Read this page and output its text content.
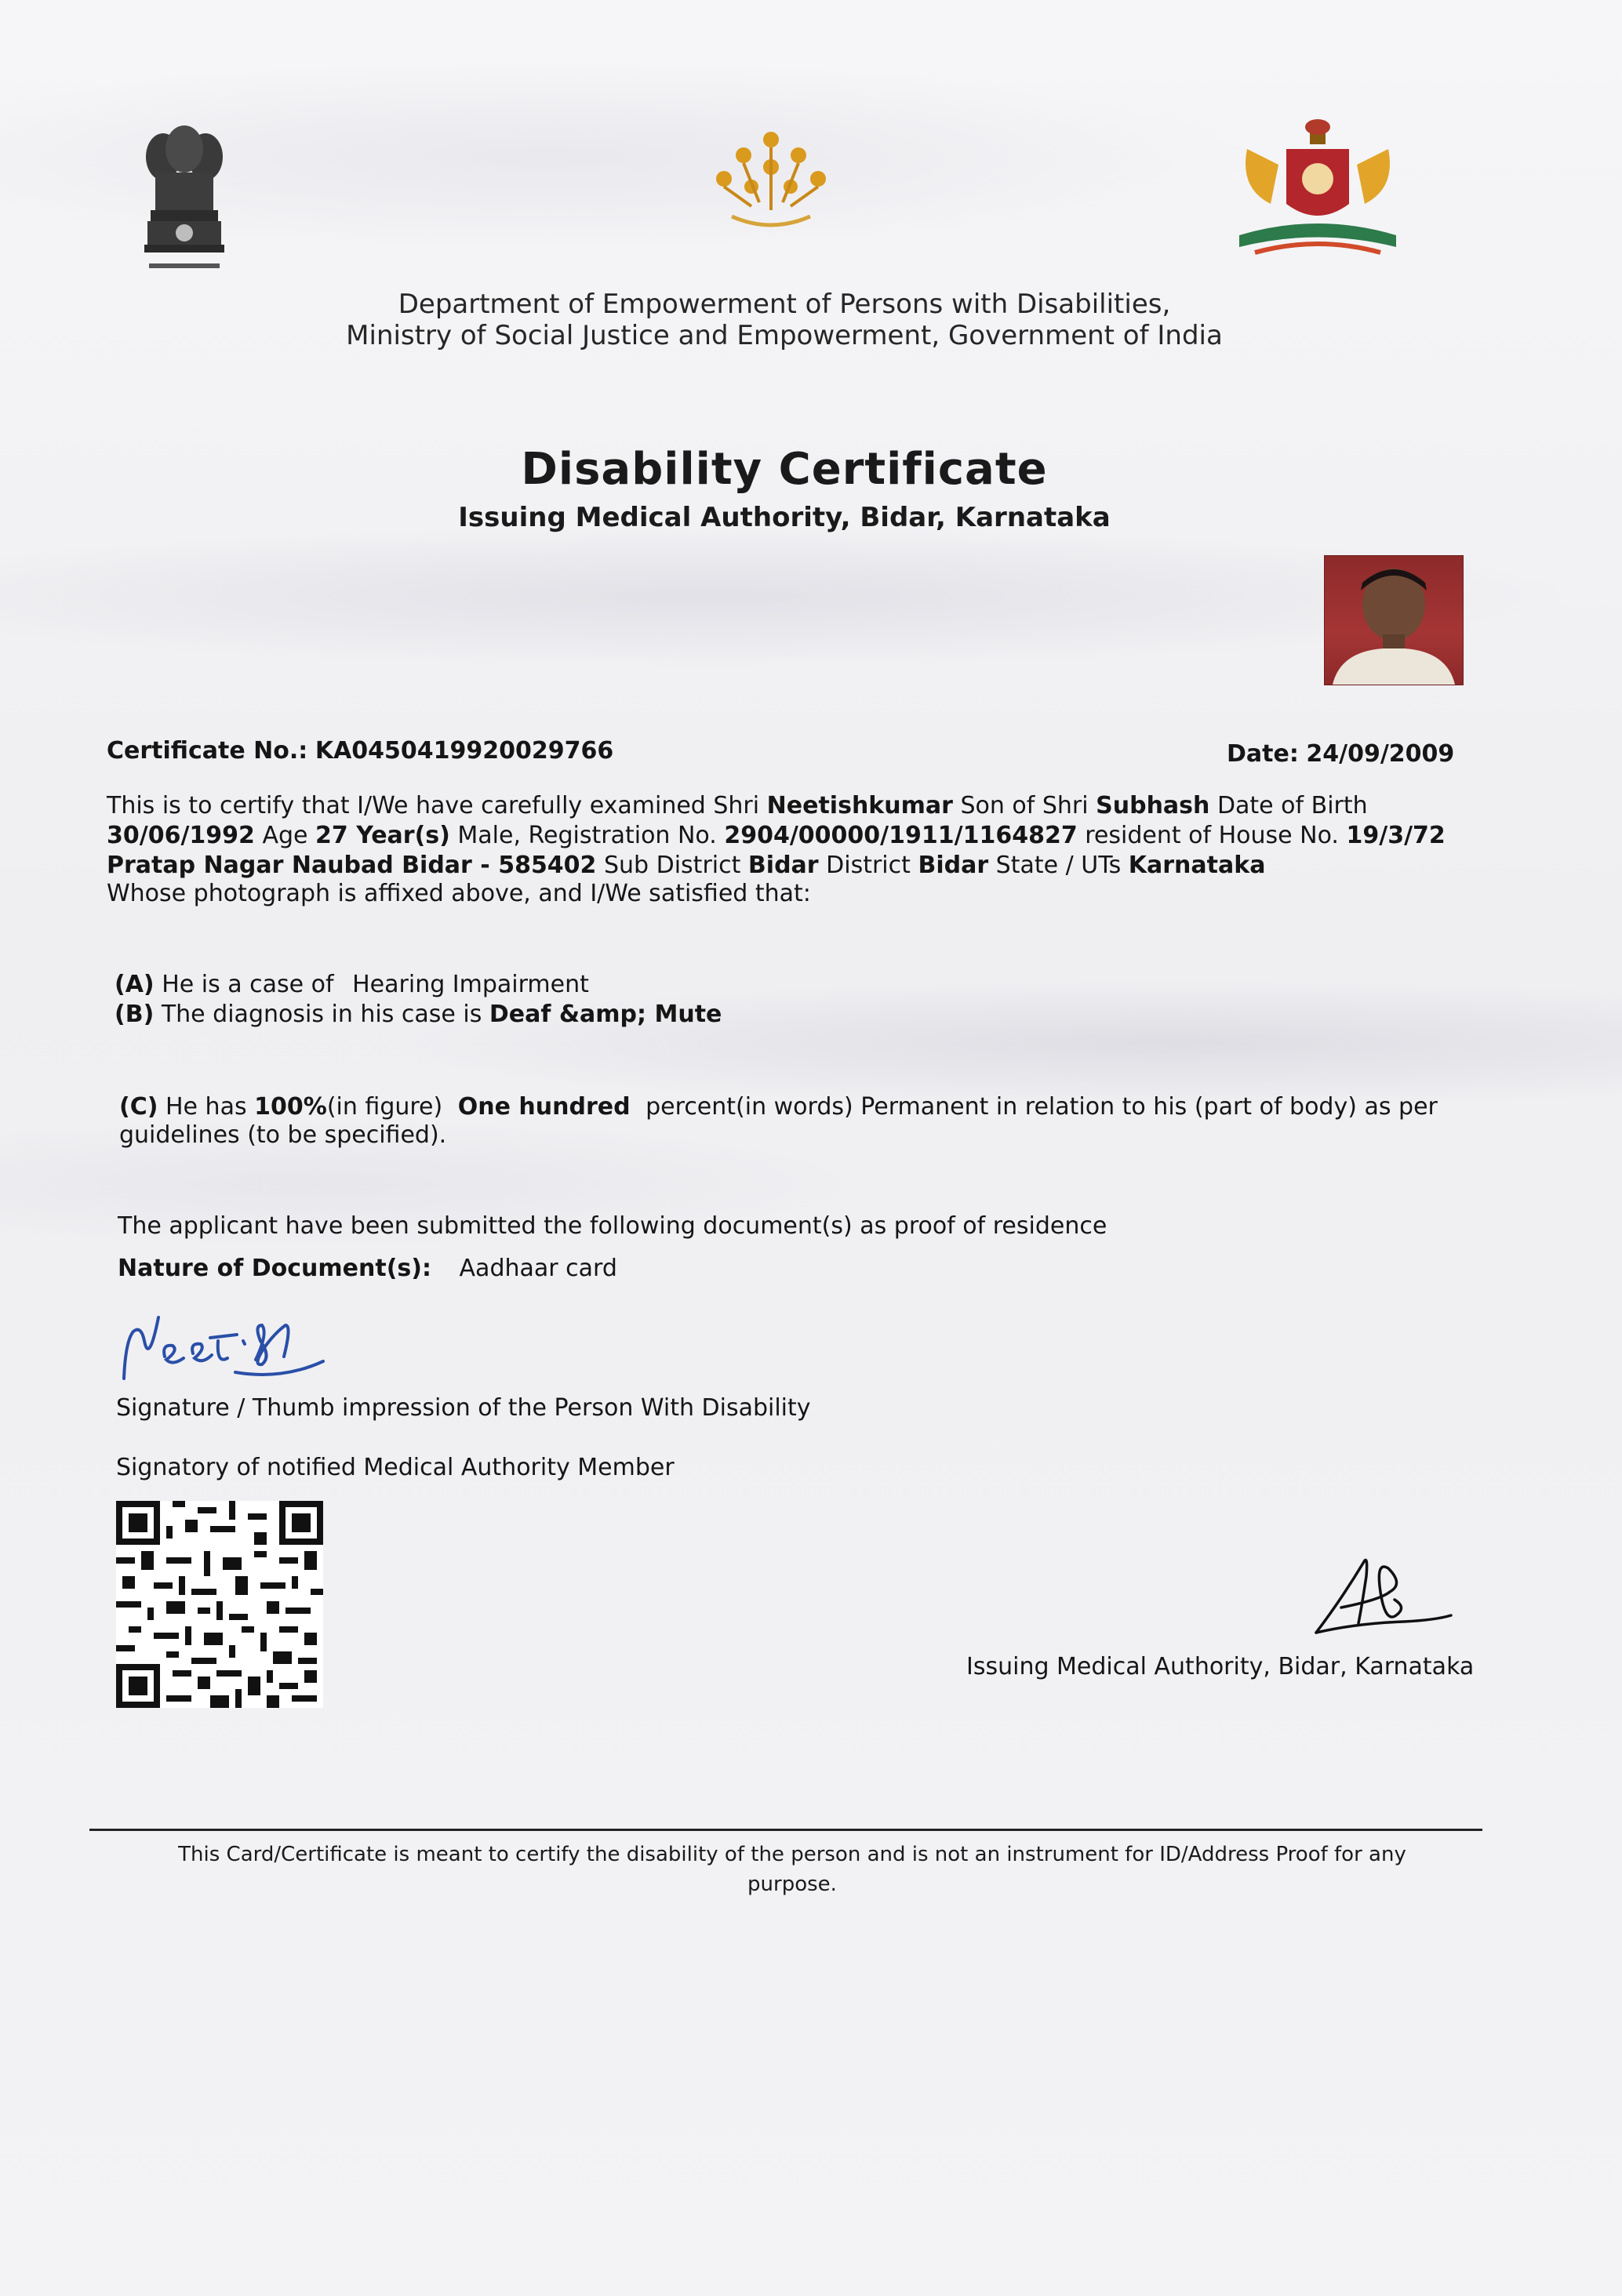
Department of Empowerment of Persons with Disabilities,
Ministry of Social Justice and Empowerment, Government of India
Disability Certificate
Issuing Medical Authority, Bidar, Karnataka
Certificate No.: KA0450419920029766	Date: 24/09/2009
This is to certify that I/We have carefully examined Shri Neetishkumar Son of Shri Subhash Date of Birth
30/06/1992 Age 27 Year(s) Male, Registration No. 2904/00000/1911/1164827 resident of House No. 19/3/72
Pratap Nagar Naubad Bidar - 585402 Sub District Bidar District Bidar State / UTs Karnataka
Whose photograph is affixed above, and I/We satisfied that:
(A) He is a case of Hearing Impairment
(B) The diagnosis in his case is Deaf &amp; Mute
(C) He has 100%(in figure) One hundred percent(in words) Permanent in relation to his (part of body) as per
guidelines (to be specified).
The applicant have been submitted the following document(s) as proof of residence
Nature of Document(s): Aadhaar card
Signature / Thumb impression of the Person With Disability
Signatory of notified Medical Authority Member
Issuing Medical Authority, Bidar, Karnataka
This Card/Certificate is meant to certify the disability of the person and is not an instrument for ID/Address Proof for any purpose.
